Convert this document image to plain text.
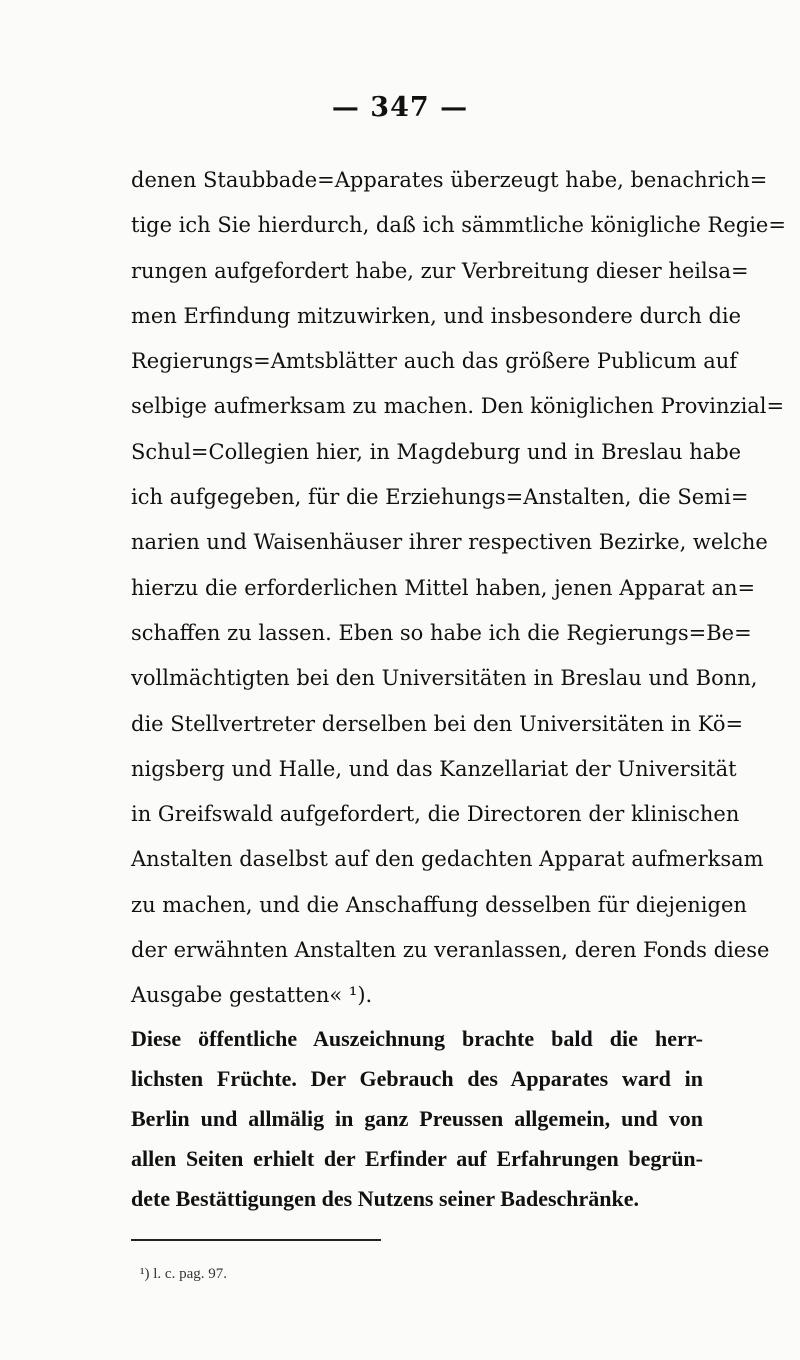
— 347 —
denen Staubbade=Apparates überzeugt habe, benachrich=
tige ich Sie hierdurch, daß ich sämmtliche königliche Regie=
rungen aufgefordert habe, zur Verbreitung dieser heilsa=
men Erfindung mitzuwirken, und insbesondere durch die
Regierungs=Amtsblätter auch das größere Publicum auf
selbige aufmerksam zu machen. Den königlichen Provinzial=
Schul=Collegien hier, in Magdeburg und in Breslau habe
ich aufgegeben, für die Erziehungs=Anstalten, die Semi=
narien und Waisenhäuser ihrer respectiven Bezirke, welche
hierzu die erforderlichen Mittel haben, jenen Apparat an=
schaffen zu lassen. Eben so habe ich die Regierungs=Be=
vollmächtigten bei den Universitäten in Breslau und Bonn,
die Stellvertreter derselben bei den Universitäten in Kö=
nigsberg und Halle, und das Kanzellariat der Universität
in Greifswald aufgefordert, die Directoren der klinischen
Anstalten daselbst auf den gedachten Apparat aufmerksam
zu machen, und die Anschaffung desselben für diejenigen
der erwähnten Anstalten zu veranlassen, deren Fonds diese
Ausgabe gestatten« ¹).
Diese öffentliche Auszeichnung brachte bald die herr-
lichsten Früchte. Der Gebrauch des Apparates ward in
Berlin und allmälig in ganz Preussen allgemein, und von
allen Seiten erhielt der Erfinder auf Erfahrungen begrün-
dete Bestättigungen des Nutzens seiner Badeschränke.
¹) l. c. pag. 97.
